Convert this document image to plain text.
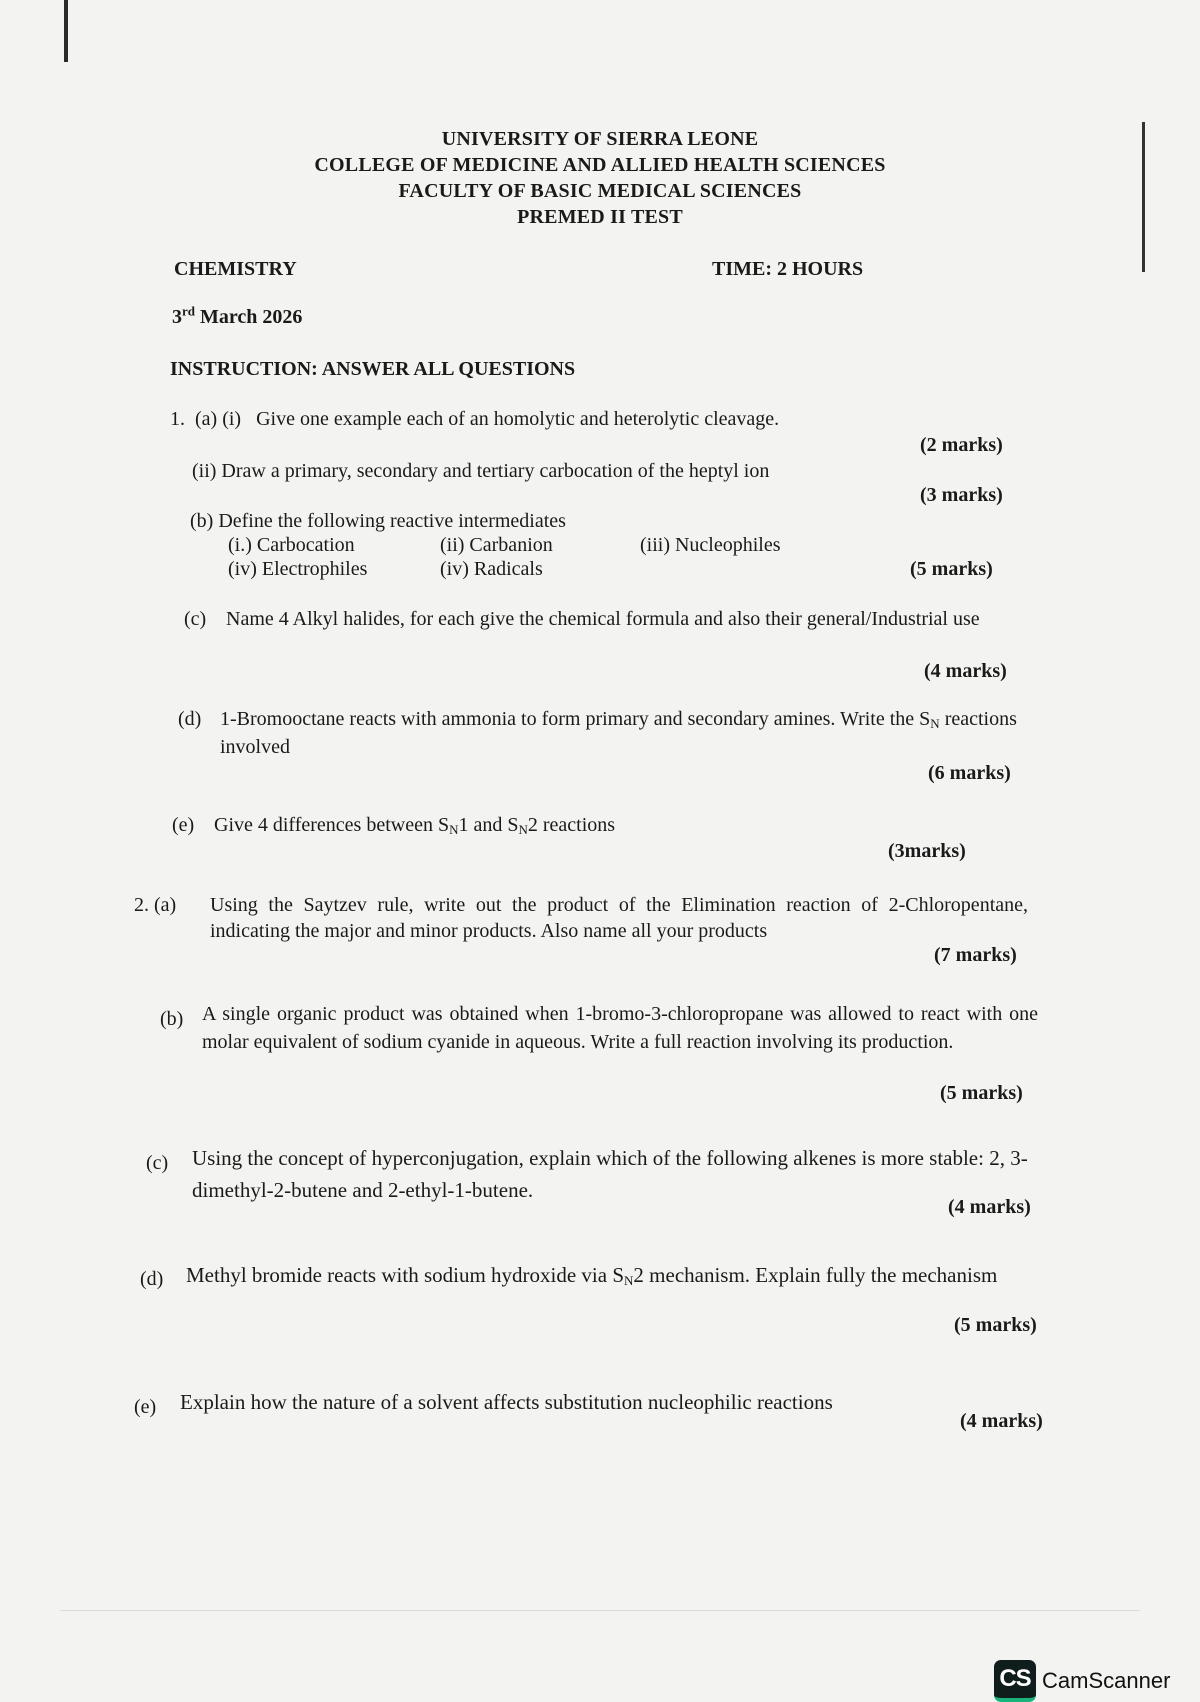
UNIVERSITY OF SIERRA LEONE
COLLEGE OF MEDICINE AND ALLIED HEALTH SCIENCES
FACULTY OF BASIC MEDICAL SCIENCES
PREMED II TEST
CHEMISTRY	TIME: 2 HOURS
3rd March 2026
INSTRUCTION: ANSWER ALL QUESTIONS
1.  (a) (i)   Give one example each of an homolytic and heterolytic cleavage.
(2 marks)
(ii) Draw a primary, secondary and tertiary carbocation of the heptyl ion
(3 marks)
(b) Define the following reactive intermediates
(i.) Carbocation	(ii) Carbanion	(iii) Nucleophiles
(iv) Electrophiles	(iv) Radicals	(5 marks)
(c) Name 4 Alkyl halides, for each give the chemical formula and also their general/Industrial use
(4 marks)
(d) 1-Bromooctane reacts with ammonia to form primary and secondary amines. Write the $S_N$ reactions involved
(6 marks)
(e) Give 4 differences between $S_N1$ and $S_N2$ reactions
(3marks)
2. (a) Using the Saytzev rule, write out the product of the Elimination reaction of 2-Chloropentane, indicating the major and minor products. Also name all your products
(7 marks)
(b) A single organic product was obtained when 1-bromo-3-chloropropane was allowed to react with one molar equivalent of sodium cyanide in aqueous. Write a full reaction involving its production.
(5 marks)
(c) Using the concept of hyperconjugation, explain which of the following alkenes is more stable: 2, 3-dimethyl-2-butene and 2-ethyl-1-butene.
(4 marks)
(d) Methyl bromide reacts with sodium hydroxide via $S_N2$ mechanism. Explain fully the mechanism
(5 marks)
(e) Explain how the nature of a solvent affects substitution nucleophilic reactions
(4 marks)
CS CamScanner
